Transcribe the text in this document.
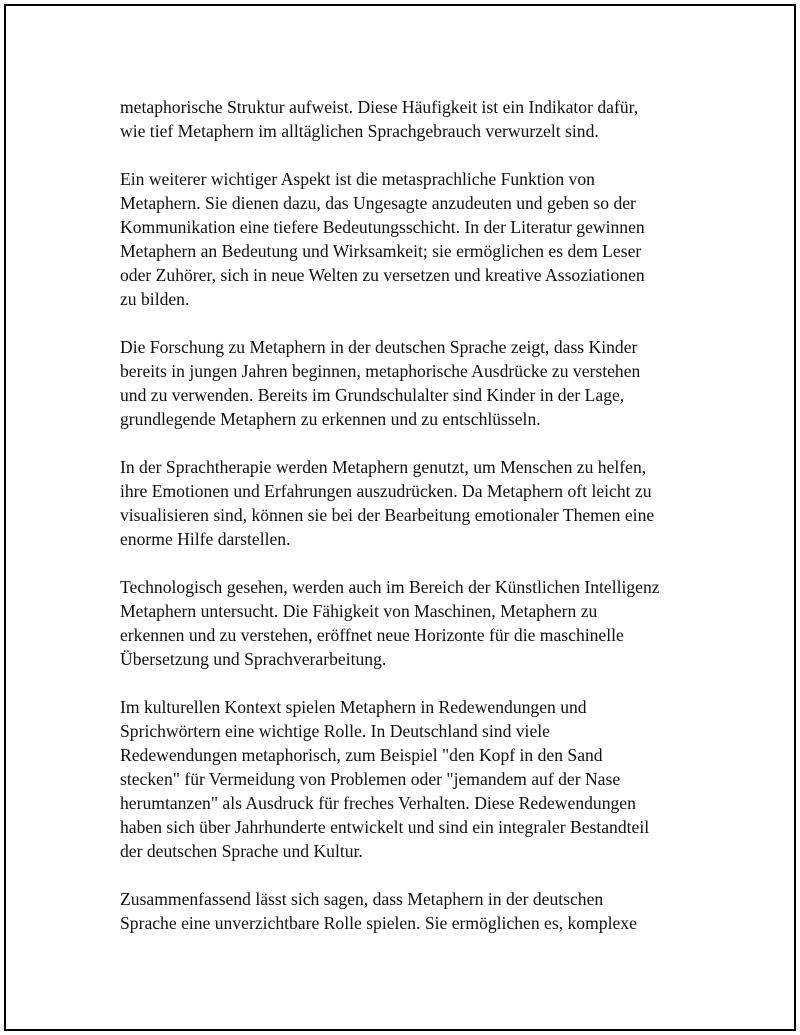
metaphorische Struktur aufweist. Diese Häufigkeit ist ein Indikator dafür,
wie tief Metaphern im alltäglichen Sprachgebrauch verwurzelt sind.
Ein weiterer wichtiger Aspekt ist die metasprachliche Funktion von
Metaphern. Sie dienen dazu, das Ungesagte anzudeuten und geben so der
Kommunikation eine tiefere Bedeutungsschicht. In der Literatur gewinnen
Metaphern an Bedeutung und Wirksamkeit; sie ermöglichen es dem Leser
oder Zuhörer, sich in neue Welten zu versetzen und kreative Assoziationen
zu bilden.
Die Forschung zu Metaphern in der deutschen Sprache zeigt, dass Kinder
bereits in jungen Jahren beginnen, metaphorische Ausdrücke zu verstehen
und zu verwenden. Bereits im Grundschulalter sind Kinder in der Lage,
grundlegende Metaphern zu erkennen und zu entschlüsseln.
In der Sprachtherapie werden Metaphern genutzt, um Menschen zu helfen,
ihre Emotionen und Erfahrungen auszudrücken. Da Metaphern oft leicht zu
visualisieren sind, können sie bei der Bearbeitung emotionaler Themen eine
enorme Hilfe darstellen.
Technologisch gesehen, werden auch im Bereich der Künstlichen Intelligenz
Metaphern untersucht. Die Fähigkeit von Maschinen, Metaphern zu
erkennen und zu verstehen, eröffnet neue Horizonte für die maschinelle
Übersetzung und Sprachverarbeitung.
Im kulturellen Kontext spielen Metaphern in Redewendungen und
Sprichwörtern eine wichtige Rolle. In Deutschland sind viele
Redewendungen metaphorisch, zum Beispiel "den Kopf in den Sand
stecken" für Vermeidung von Problemen oder "jemandem auf der Nase
herumtanzen" als Ausdruck für freches Verhalten. Diese Redewendungen
haben sich über Jahrhunderte entwickelt und sind ein integraler Bestandteil
der deutschen Sprache und Kultur.
Zusammenfassend lässt sich sagen, dass Metaphern in der deutschen
Sprache eine unverzichtbare Rolle spielen. Sie ermöglichen es, komplexe
